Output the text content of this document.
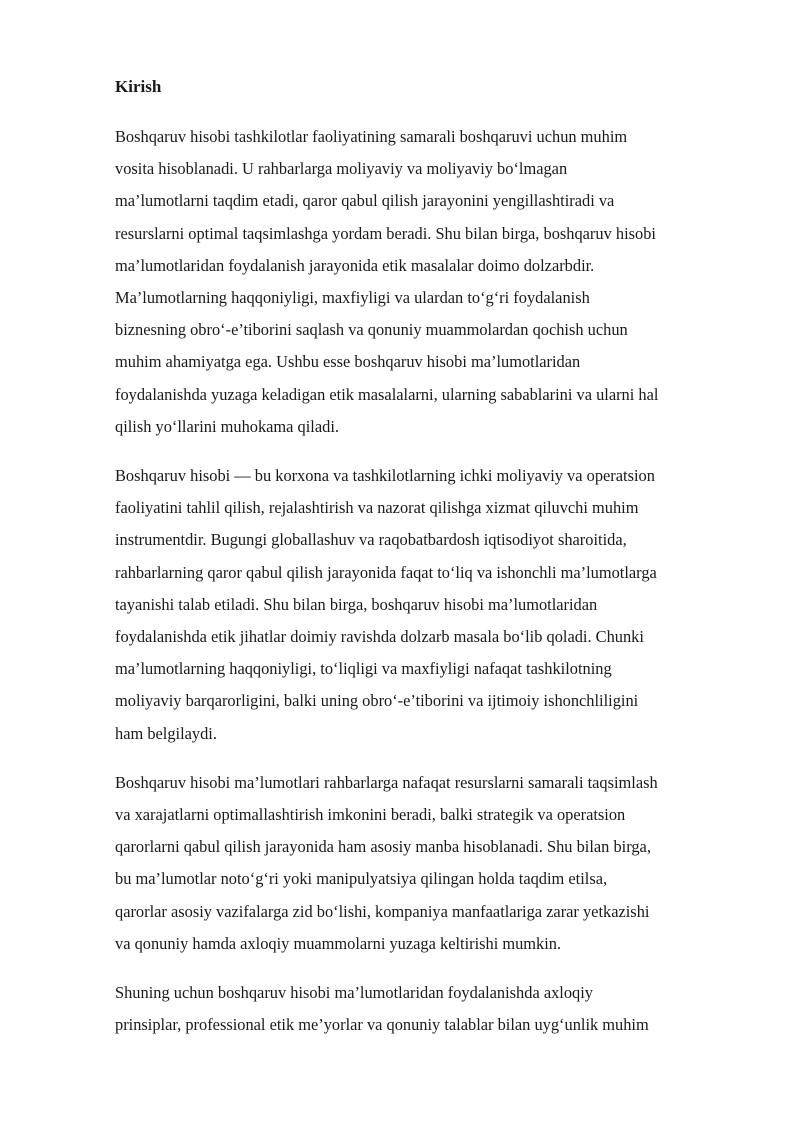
Kirish
Boshqaruv hisobi tashkilotlar faoliyatining samarali boshqaruvi uchun muhim
vosita hisoblanadi. U rahbarlarga moliyaviy va moliyaviy bo‘lmagan
ma’lumotlarni taqdim etadi, qaror qabul qilish jarayonini yengillashtiradi va
resurslarni optimal taqsimlashga yordam beradi. Shu bilan birga, boshqaruv hisobi
ma’lumotlaridan foydalanish jarayonida etik masalalar doimo dolzarbdir.
Ma’lumotlarning haqqoniyligi, maxfiyligi va ulardan to‘g‘ri foydalanish
biznesning obro‘-e’tiborini saqlash va qonuniy muammolardan qochish uchun
muhim ahamiyatga ega. Ushbu esse boshqaruv hisobi ma’lumotlaridan
foydalanishda yuzaga keladigan etik masalalarni, ularning sabablarini va ularni hal
qilish yo‘llarini muhokama qiladi.
Boshqaruv hisobi — bu korxona va tashkilotlarning ichki moliyaviy va operatsion
faoliyatini tahlil qilish, rejalashtirish va nazorat qilishga xizmat qiluvchi muhim
instrumentdir. Bugungi globallashuv va raqobatbardosh iqtisodiyot sharoitida,
rahbarlarning qaror qabul qilish jarayonida faqat to‘liq va ishonchli ma’lumotlarga
tayanishi talab etiladi. Shu bilan birga, boshqaruv hisobi ma’lumotlaridan
foydalanishda etik jihatlar doimiy ravishda dolzarb masala bo‘lib qoladi. Chunki
ma’lumotlarning haqqoniyligi, to‘liqligi va maxfiyligi nafaqat tashkilotning
moliyaviy barqarorligini, balki uning obro‘-e’tiborini va ijtimoiy ishonchliligini
ham belgilaydi.
Boshqaruv hisobi ma’lumotlari rahbarlarga nafaqat resurslarni samarali taqsimlash
va xarajatlarni optimallashtirish imkonini beradi, balki strategik va operatsion
qarorlarni qabul qilish jarayonida ham asosiy manba hisoblanadi. Shu bilan birga,
bu ma’lumotlar noto‘g‘ri yoki manipulyatsiya qilingan holda taqdim etilsa,
qarorlar asosiy vazifalarga zid bo‘lishi, kompaniya manfaatlariga zarar yetkazishi
va qonuniy hamda axloqiy muammolarni yuzaga keltirishi mumkin.
Shuning uchun boshqaruv hisobi ma’lumotlaridan foydalanishda axloqiy
prinsiplar, professional etik me’yorlar va qonuniy talablar bilan uyg‘unlik muhim
